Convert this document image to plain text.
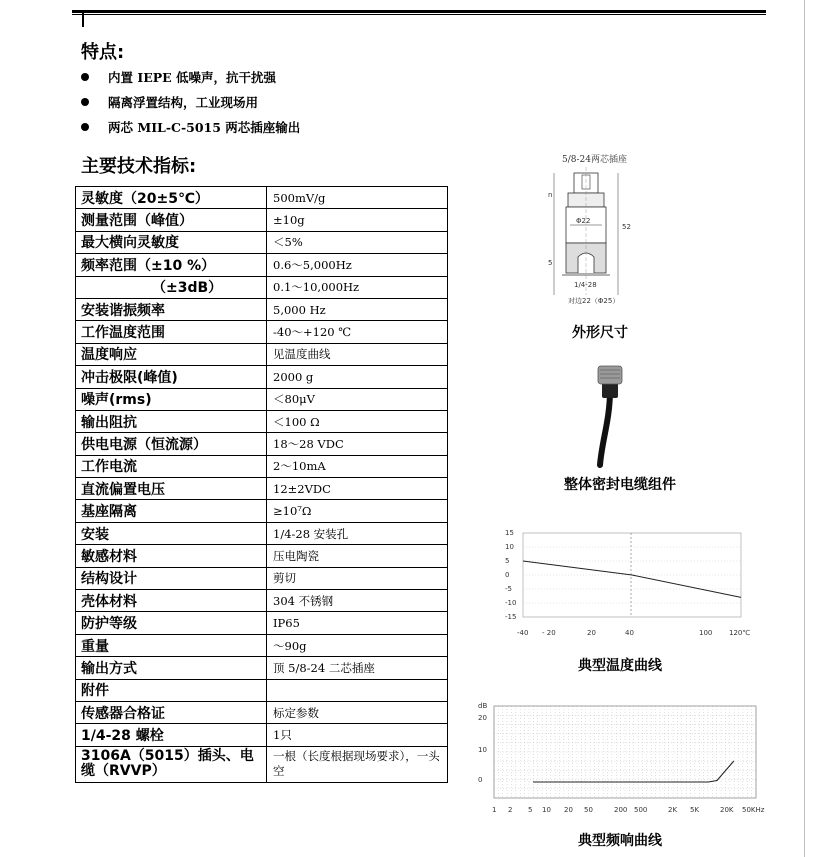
特点:
内置 IEPE 低噪声，抗干扰强
隔离浮置结构，工业现场用
两芯 MIL-C-5015 两芯插座输出
主要技术指标:
灵敏度（20±5℃）	500mV/g
测量范围（峰值）	±10g
最大横向灵敏度	＜5%
频率范围（±10 %）	0.6～5,000Hz
（±3dB）	0.1～10,000Hz
安装谐振频率	5,000 Hz
工作温度范围	-40～+120 ℃
温度响应	见温度曲线
冲击极限(峰值)	2000 g
噪声(rms)	＜80μV
输出阻抗	＜100 Ω
供电电源（恒流源）	18～28 VDC
工作电流	2～10mA
直流偏置电压	12±2VDC
基座隔离	≥10⁷Ω
安装	1/4-28 安装孔
敏感材料	压电陶瓷
结构设计	剪切
壳体材料	304 不锈钢
防护等级	IP65
重量	～90g
输出方式	顶 5/8-24 二芯插座
附件	
传感器合格证	标定参数
1/4-28 螺栓	1只
3106A（5015）插头、电缆（RVVP）	一根（长度根据现场要求），一头空
5/8-24两芯插座
Φ22
ח
52
5
1/4-28
对边22（Φ25）
外形尺寸
整体密封电缆组件
15
10
5
0
-5
-10
-15
-40 - 20	20	40	100 120℃
典型温度曲线
dB
20
10
0
1 2 5 10 20 50	200 500	2K 5K	20K 50KHz
典型频响曲线
